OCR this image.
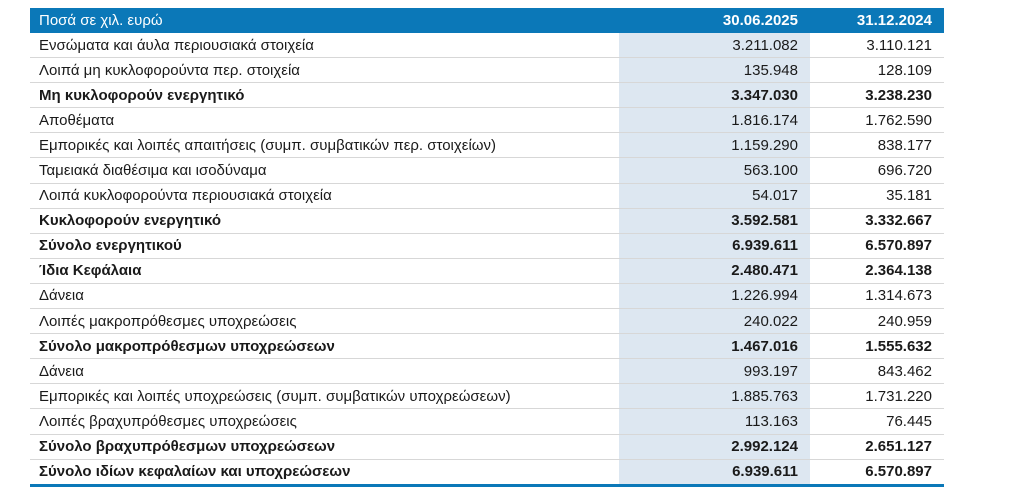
Ποσά σε χιλ. ευρώ	30.06.2025		31.12.2024
Ενσώματα και άυλα περιουσιακά στοιχεία	3.211.082		3.110.121
Λοιπά μη κυκλοφορούντα περ. στοιχεία	135.948		128.109
Μη κυκλοφορούν ενεργητικό	3.347.030		3.238.230
Αποθέματα	1.816.174		1.762.590
Εμπορικές και λοιπές απαιτήσεις (συμπ. συμβατικών περ. στοιχείων)	1.159.290		838.177
Ταμειακά διαθέσιμα και ισοδύναμα	563.100		696.720
Λοιπά κυκλοφορούντα περιουσιακά στοιχεία	54.017		35.181
Κυκλοφορούν ενεργητικό	3.592.581		3.332.667
Σύνολο ενεργητικού	6.939.611		6.570.897
Ίδια Κεφάλαια	2.480.471		2.364.138
Δάνεια	1.226.994		1.314.673
Λοιπές μακροπρόθεσμες υποχρεώσεις	240.022		240.959
Σύνολο μακροπρόθεσμων υποχρεώσεων	1.467.016		1.555.632
Δάνεια	993.197		843.462
Εμπορικές και λοιπές υποχρεώσεις (συμπ. συμβατικών υποχρεώσεων)	1.885.763		1.731.220
Λοιπές βραχυπρόθεσμες υποχρεώσεις	113.163		76.445
Σύνολο βραχυπρόθεσμων υποχρεώσεων	2.992.124		2.651.127
Σύνολο ιδίων κεφαλαίων και υποχρεώσεων	6.939.611		6.570.897
